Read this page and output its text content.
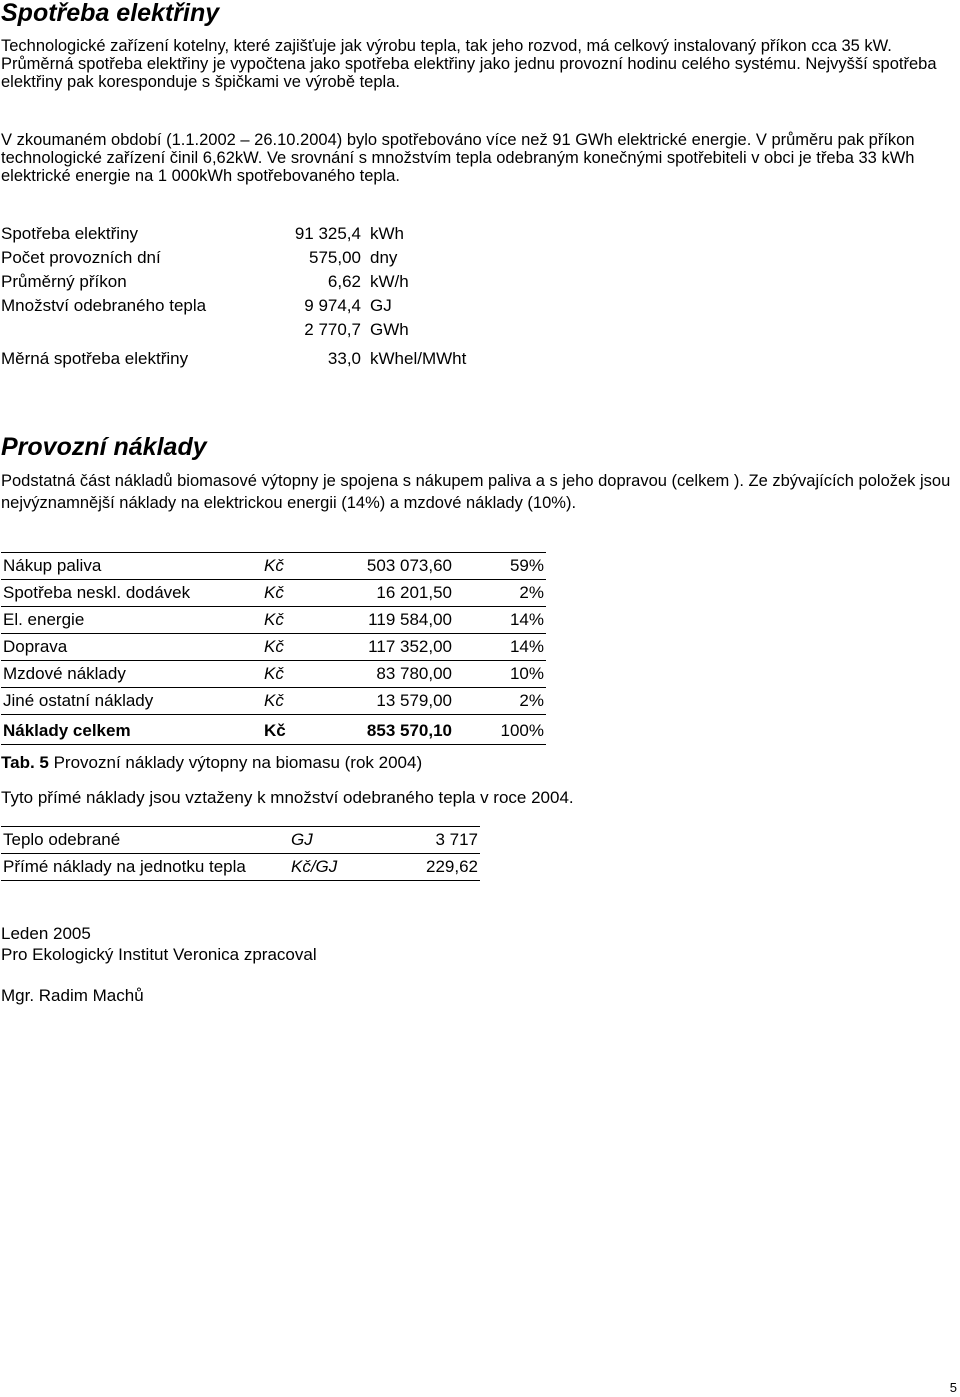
Spotřeba elektřiny

Technologické zařízení kotelny, které zajišťuje jak výrobu tepla, tak jeho rozvod, má celkový instalovaný příkon cca 35 kW. Průměrná spotřeba elektřiny je vypočtena jako spotřeba elektřiny jako jednu provozní hodinu celého systému. Nejvyšší spotřeba elektřiny pak koresponduje s špičkami ve výrobě tepla.

V zkoumaném období (1.1.2002 – 26.10.2004) bylo spotřebováno více než 91 GWh elektrické energie. V průměru pak příkon technologické zařízení činil 6,62kW. Ve srovnání s množstvím tepla odebraným konečnými spotřebiteli v obci je třeba 33 kWh elektrické energie na 1 000kWh spotřebovaného tepla.

Spotřeba elektřiny	91 325,4 kWh
Počet provozních dní	575,00 dny
Průměrný příkon	6,62 kW/h
Množství odebraného tepla	9 974,4 GJ
2 770,7 GWh
Měrná spotřeba elektřiny	33,0 kWhel/MWht
Provozní náklady

Podstatná část nákladů biomasové výtopny je spojena s nákupem paliva a s jeho dopravou (celkem ). Ze zbývajících položek jsou nejvýznamnější náklady na elektrickou energii (14%) a mzdové náklady (10%).

Nákup paliva	Kč	503 073,60	59%
Spotřeba neskl. dodávek	Kč	16 201,50	2%
El. energie	Kč	119 584,00	14%
Doprava	Kč	117 352,00	14%
Mzdové náklady	Kč	83 780,00	10%
Jiné ostatní náklady	Kč	13 579,00	2%
Náklady celkem	Kč	853 570,10	100%
Tab. 5 Provozní náklady výtopny na biomasu (rok 2004)

Tyto přímé náklady jsou vztaženy k množství odebraného tepla v roce 2004.

Teplo odebrané	GJ	3 717
Přímé náklady na jednotku tepla	Kč/GJ	229,62
Leden 2005
Pro Ekologický Institut Veronica zpracoval
Mgr. Radim Machů
5
